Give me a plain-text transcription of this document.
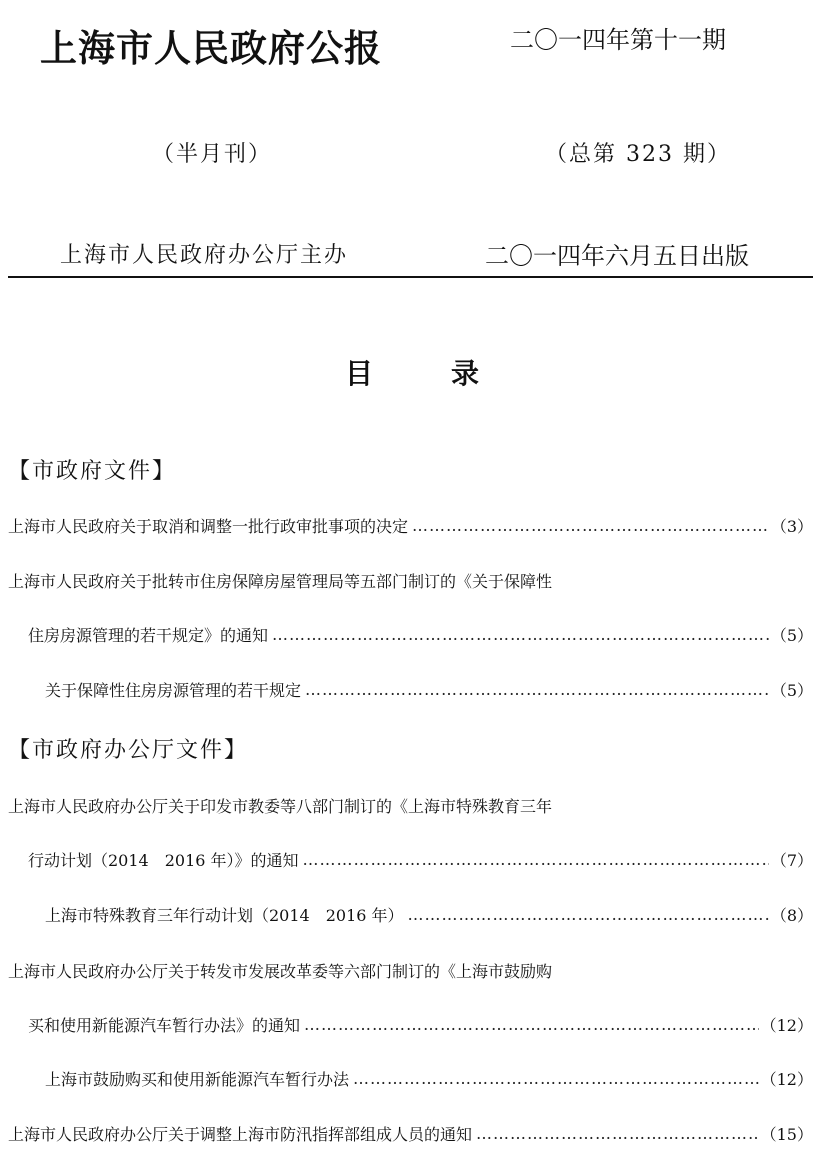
上海市人民政府公报	二〇一四年第十一期
（半月刊）	（总第 323 期）
上海市人民政府办公厅主办	二〇一四年六月五日出版
目录
【市政府文件】
上海市人民政府关于取消和调整一批行政审批事项的决定 …………………………………………………………………………………………………………………………………………………………………………………………	（3）
上海市人民政府关于批转市住房保障房屋管理局等五部门制订的《关于保障性
住房房源管理的若干规定》的通知 …………………………………………………………………………………………………………………………………………………………………………………………	（5）
关于保障性住房房源管理的若干规定 …………………………………………………………………………………………………………………………………………………………………………………………	（5）
【市政府办公厅文件】
上海市人民政府办公厅关于印发市教委等八部门制订的《上海市特殊教育三年
行动计划（2014　2016 年）》的通知 …………………………………………………………………………………………………………………………………………………………………………………………	（7）
上海市特殊教育三年行动计划（2014　2016 年） …………………………………………………………………………………………………………………………………………………………………………………………	（8）
上海市人民政府办公厅关于转发市发展改革委等六部门制订的《上海市鼓励购
买和使用新能源汽车暂行办法》的通知 …………………………………………………………………………………………………………………………………………………………………………………………	（12）
上海市鼓励购买和使用新能源汽车暂行办法 …………………………………………………………………………………………………………………………………………………………………………………………	（12）
上海市人民政府办公厅关于调整上海市防汛指挥部组成人员的通知 …………………………………………………………………………………………………………………………………………………………………………………………	（15）
